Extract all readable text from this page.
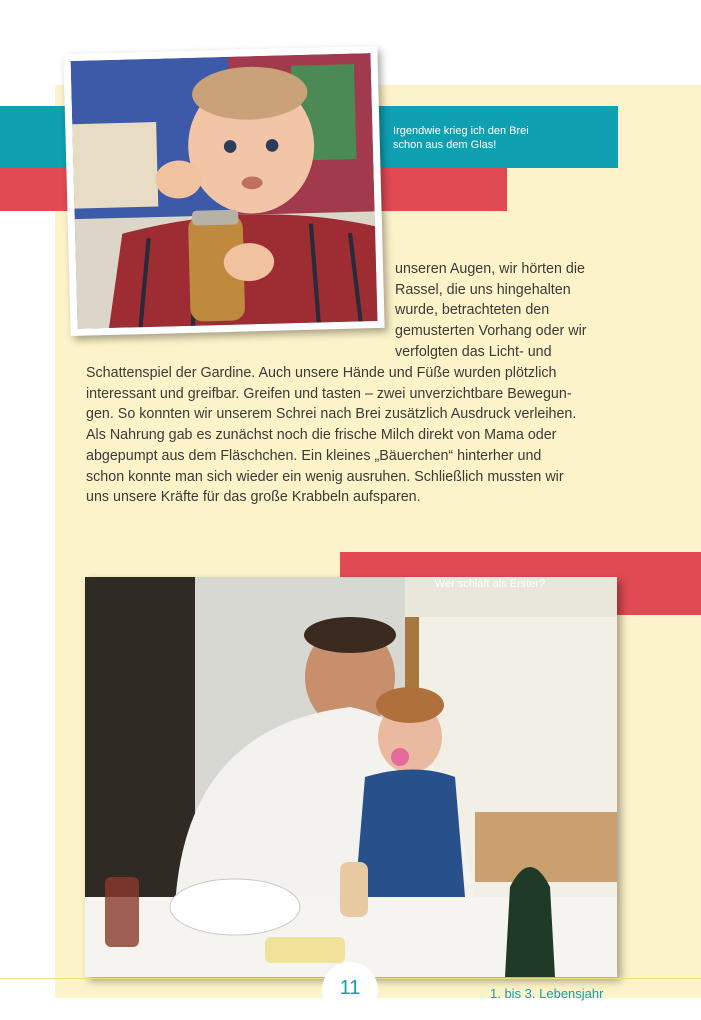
Irgendwie krieg ich den Brei
schon aus dem Glas!
unseren Augen, wir hörten die
Rassel, die uns hingehalten
wurde, betrachteten den
gemusterten Vorhang oder wir
verfolgten das Licht- und
Schattenspiel der Gardine. Auch unsere Hände und Füße wurden plötzlich
interessant und greifbar. Greifen und tasten – zwei unverzichtbare Bewegun-
gen. So konnten wir unserem Schrei nach Brei zusätzlich Ausdruck verleihen.
Als Nahrung gab es zunächst noch die frische Milch direkt von Mama oder
abgepumpt aus dem Fläschchen. Ein kleines „Bäuerchen“ hinterher und
schon konnte man sich wieder ein wenig ausruhen. Schließlich mussten wir
uns unsere Kräfte für das große Krabbeln aufsparen.
Wer schläft als Erster?
11	1. bis 3. Lebensjahr
